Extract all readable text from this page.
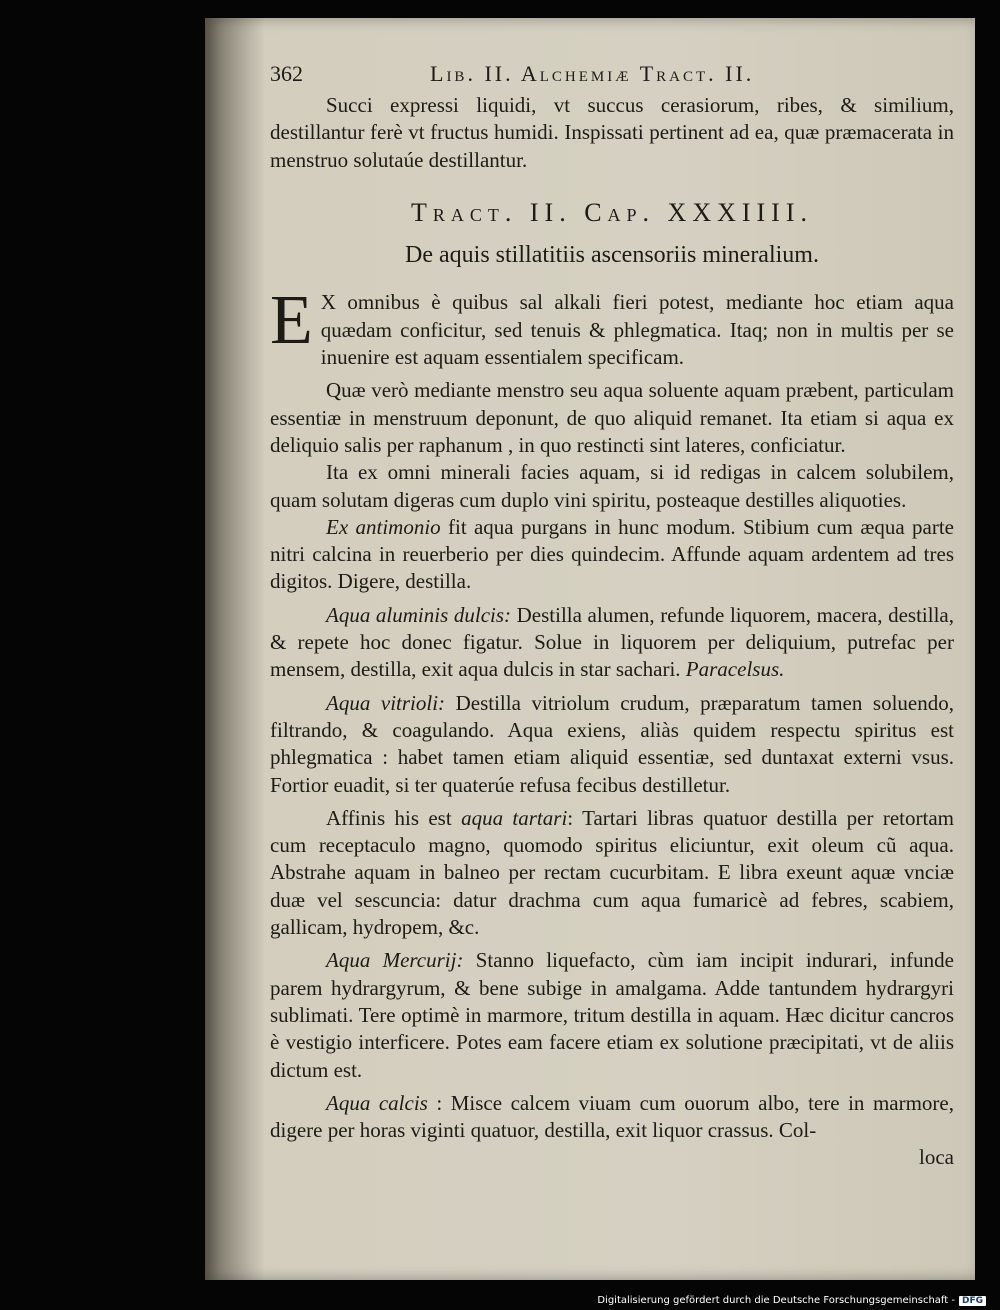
362	Lib. II. Alchemiæ Tract. II.

Succi expressi liquidi, vt succus cerasiorum, ribes, & similium, destillantur ferè vt fructus humidi. Inspissati pertinent ad ea, quæ præmacerata in menstruo solutaúe destillantur.

Tract. II. Cap. XXXIIII.
De aquis stillatitiis ascensoriis mineralium.
E X omnibus è quibus sal alkali fieri potest, mediante hoc etiam aqua quædam conficitur, sed tenuis & phlegmatica. Itaq; non in multis per se inuenire est aquam essentialem specificam.

Quæ verò mediante menstro seu aqua soluente aquam præbent, particulam essentiæ in menstruum deponunt, de quo aliquid remanet. Ita etiam si aqua ex deliquio salis per raphanum , in quo restincti sint lateres, conficiatur.

Ita ex omni minerali facies aquam, si id redigas in calcem solubilem, quam solutam digeras cum duplo vini spiritu, posteaque destilles aliquoties.

Ex antimonio fit aqua purgans in hunc modum. Stibium cum æqua parte nitri calcina in reuerberio per dies quindecim. Affunde aquam ardentem ad tres digitos. Digere, destilla.

Aqua aluminis dulcis: Destilla alumen, refunde liquorem, macera, destilla, & repete hoc donec figatur. Solue in liquorem per deliquium, putrefac per mensem, destilla, exit aqua dulcis in star sachari. Paracelsus.

Aqua vitrioli: Destilla vitriolum crudum, præparatum tamen soluendo, filtrando, & coagulando. Aqua exiens, aliàs quidem respectu spiritus est phlegmatica : habet tamen etiam aliquid essentiæ, sed duntaxat externi vsus. Fortior euadit, si ter quaterúe refusa fecibus destilletur.

Affinis his est aqua tartari: Tartari libras quatuor destilla per retortam cum receptaculo magno, quomodo spiritus eliciuntur, exit oleum cũ aqua. Abstrahe aquam in balneo per rectam cucurbitam. E libra exeunt aquæ vnciæ duæ vel sescuncia: datur drachma cum aqua fumaricè ad febres, scabiem, gallicam, hydropem, &c.

Aqua Mercurij: Stanno liquefacto, cùm iam incipit indurari, infunde parem hydrargyrum, & bene subige in amalgama. Adde tantundem hydrargyri sublimati. Tere optimè in marmore, tritum destilla in aquam. Hæc dicitur cancros è vestigio interficere. Potes eam facere etiam ex solutione præcipitati, vt de aliis dictum est.

Aqua calcis : Misce calcem viuam cum ouorum albo, tere in marmore, digere per horas viginti quatuor, destilla, exit liquor crassus. Col-

loca

Digitalisierung gefördert durch die Deutsche Forschungsgemeinschaft - DFG
